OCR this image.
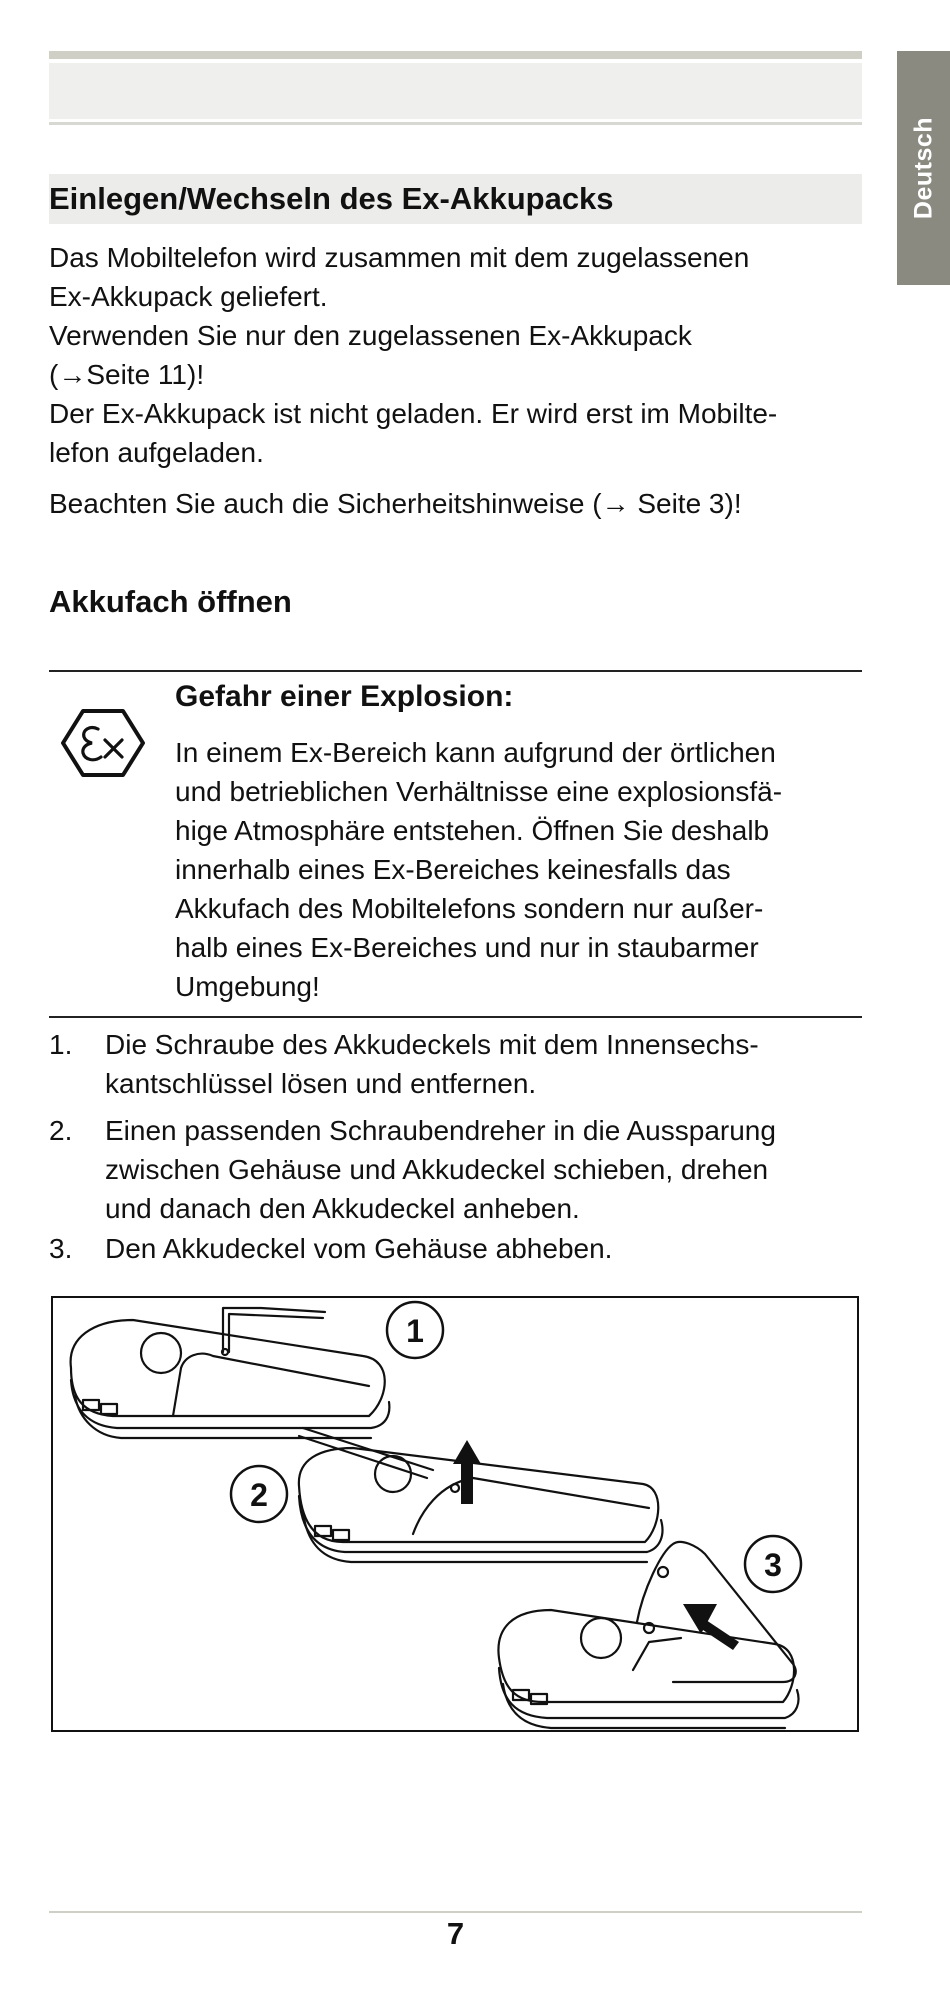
Deutsch
Einlegen/Wechseln des Ex-Akkupacks
Das Mobiltelefon wird zusammen mit dem zugelassenen
Ex-Akkupack geliefert.
Verwenden Sie nur den zugelassenen Ex-Akkupack
(→Seite 11)!
Der Ex-Akkupack ist nicht geladen. Er wird erst im Mobilte-
lefon aufgeladen.
Beachten Sie auch die Sicherheitshinweise (→ Seite 3)!
Akkufach öffnen
Gefahr einer Explosion:
In einem Ex-Bereich kann aufgrund der örtlichen
und betrieblichen Verhältnisse eine explosionsfä-
hige Atmosphäre entstehen. Öffnen Sie deshalb
innerhalb eines Ex-Bereiches keinesfalls das
Akkufach des Mobiltelefons sondern nur außer-
halb eines Ex-Bereiches und nur in staubarmer
Umgebung!
1. Die Schraube des Akkudeckels mit dem Innensechs-
kantschlüssel lösen und entfernen.
2. Einen passenden Schraubendreher in die Aussparung
zwischen Gehäuse und Akkudeckel schieben, drehen
und danach den Akkudeckel anheben.
3. Den Akkudeckel vom Gehäuse abheben.
1
2
3
7
